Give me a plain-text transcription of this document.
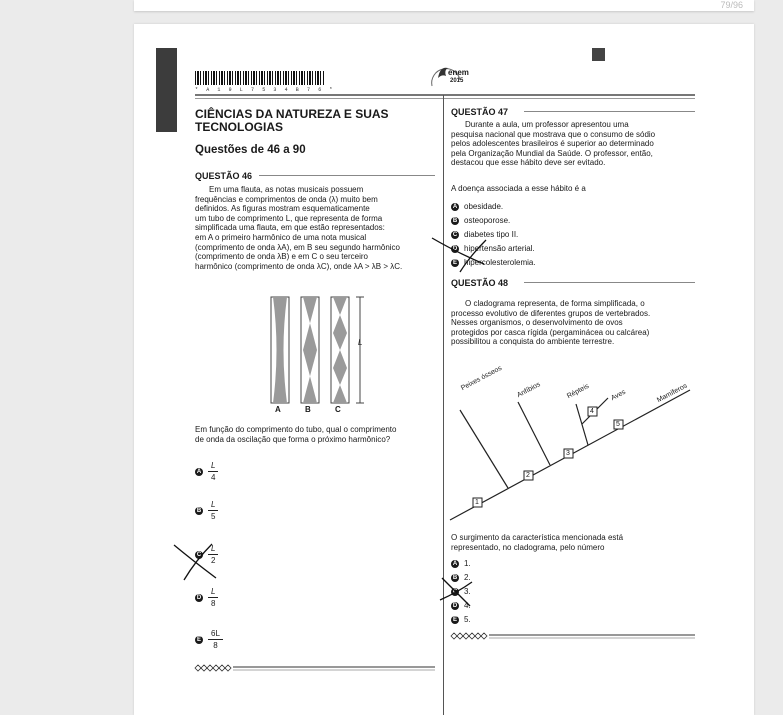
79/96
* A 1 9 L 7 5 3 4 B 7 6 *
enem
2015
CIÊNCIAS DA NATUREZA E SUAS TECNOLOGIAS
Questões de 46 a 90
QUESTÃO 46
Em uma flauta, as notas musicais possuem
frequências e comprimentos de onda (λ) muito bem
definidos. As figuras mostram esquematicamente
um tubo de comprimento L, que representa de forma
simplificada uma flauta, em que estão representados:
em A o primeiro harmônico de uma nota musical
(comprimento de onda λA), em B seu segundo harmônico
(comprimento de onda λB) e em C o seu terceiro
harmônico (comprimento de onda λC), onde λA > λB > λC.
L
A	B	C
Em função do comprimento do tubo, qual o comprimento
de onda da oscilação que forma o próximo harmônico?
A $\frac{L}{4}$
B $\frac{L}{5}$
C $\frac{L}{2}$
D $\frac{L}{8}$
E $\frac{6L}{8}$
QUESTÃO 47
Durante a aula, um professor apresentou uma
pesquisa nacional que mostrava que o consumo de sódio
pelos adolescentes brasileiros é superior ao determinado
pela Organização Mundial da Saúde. O professor, então,
destacou que esse hábito deve ser evitado.
A doença associada a esse hábito é a
A obesidade.
B osteoporose.
C diabetes tipo II.
D hipertensão arterial.
E hipercolesterolemia.
QUESTÃO 48
O cladograma representa, de forma simplificada, o
processo evolutivo de diferentes grupos de vertebrados.
Nesses organismos, o desenvolvimento de ovos
protegidos por casca rígida (pergaminácea ou calcárea)
possibilitou a conquista do ambiente terrestre.
Peixes ósseos Anfíbios	Répteis	Aves	Mamíferos
1
2
3
4
5
O surgimento da característica mencionada está
representado, no cladograma, pelo número
A 1.
B 2.
C 3.
D 4.
E 5.
